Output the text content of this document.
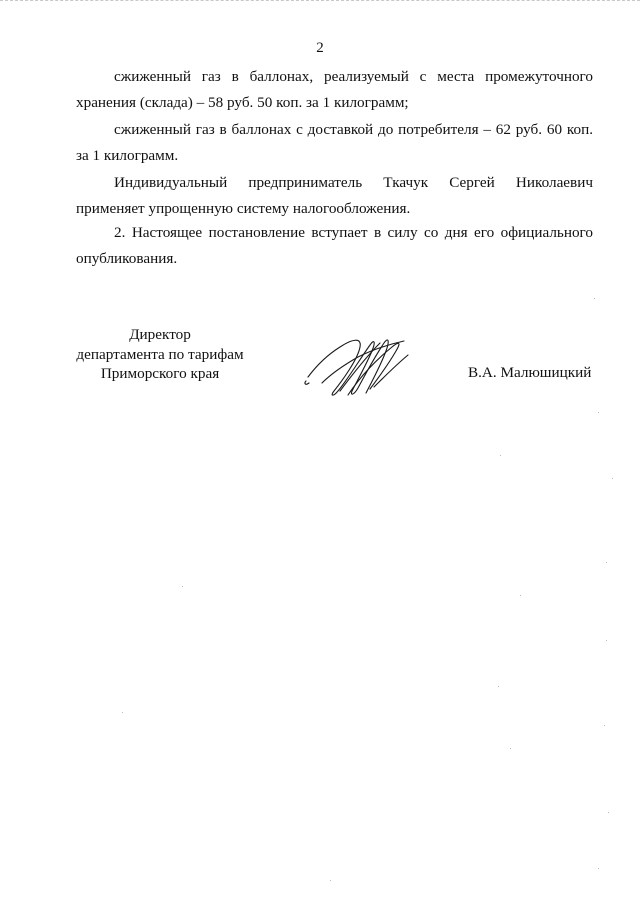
2
сжиженный газ в баллонах, реализуемый с места промежуточного
хранения (склада) – 58 руб. 50 коп. за 1 килограмм;
сжиженный газ в баллонах с доставкой до потребителя – 62 руб. 60 коп.
за 1 килограмм.
Индивидуальный предприниматель Ткачук Сергей Николаевич
применяет упрощенную систему налогообложения.
2. Настоящее постановление вступает в силу со дня его официального
опубликования.
Директор
департамента по тарифам
Приморского края	В.А. Малюшицкий
